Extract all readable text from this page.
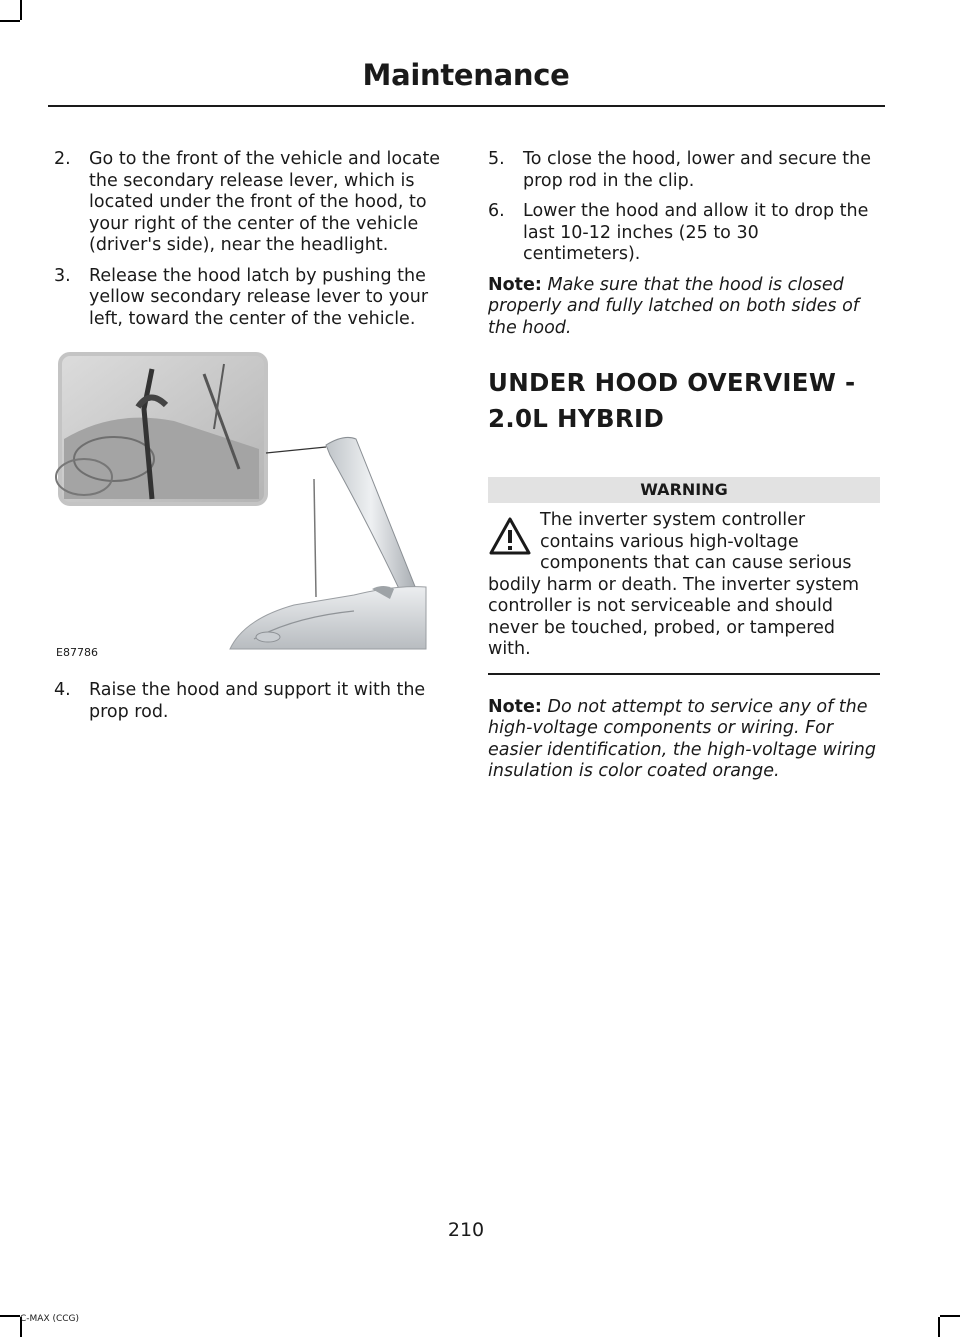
Maintenance
2. Go to the front of the vehicle and locate the secondary release lever, which is located under the front of the hood, to your right of the center of the vehicle (driver's side), near the headlight.
3. Release the hood latch by pushing the yellow secondary release lever to your left, toward the center of the vehicle.
E87786
4. Raise the hood and support it with the prop rod.
5. To close the hood, lower and secure the prop rod in the clip.
6. Lower the hood and allow it to drop the last 10-12 inches (25 to 30 centimeters).
Note: Make sure that the hood is closed properly and fully latched on both sides of the hood.
UNDER HOOD OVERVIEW -
2.0L HYBRID
WARNING
The inverter system controller contains various high-voltage components that can cause serious bodily harm or death. The inverter system controller is not serviceable and should never be touched, probed, or tampered with.
Note: Do not attempt to service any of the high-voltage components or wiring. For easier identification, the high-voltage wiring insulation is color coated orange.
210
C-MAX (CCG)
